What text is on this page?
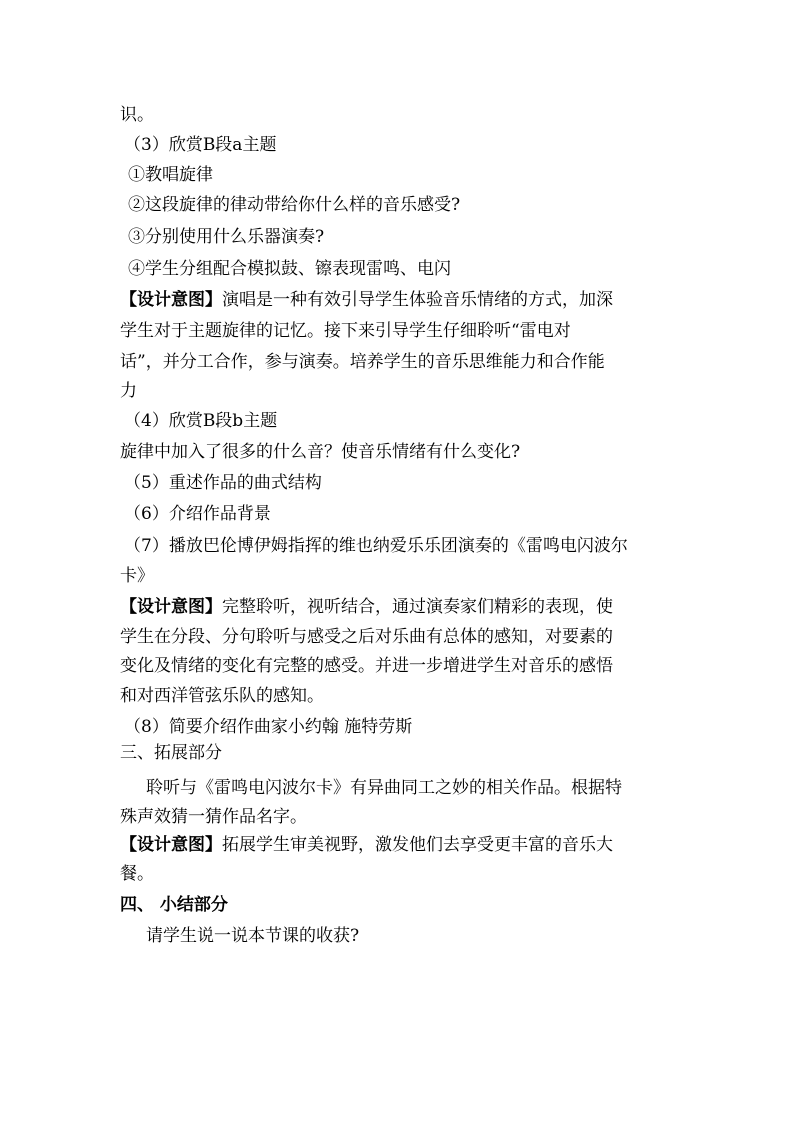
识。
（3）欣赏B段a主题
①教唱旋律
②这段旋律的律动带给你什么样的音乐感受?
③分别使用什么乐器演奏?
④学生分组配合模拟鼓、镲表现雷鸣、电闪
【设计意图】演唱是一种有效引导学生体验音乐情绪的方式，加深
学生对于主题旋律的记忆。接下来引导学生仔细聆听“雷电对
话”，并分工合作，参与演奏。培养学生的音乐思维能力和合作能
力
（4）欣赏B段b主题
旋律中加入了很多的什么音？使音乐情绪有什么变化?
（5）重述作品的曲式结构
（6）介绍作品背景
（7）播放巴伦博伊姆指挥的维也纳爱乐乐团演奏的《雷鸣电闪波尔
卡》
【设计意图】完整聆听，视听结合，通过演奏家们精彩的表现，使
学生在分段、分句聆听与感受之后对乐曲有总体的感知，对要素的
变化及情绪的变化有完整的感受。并进一步增进学生对音乐的感悟
和对西洋管弦乐队的感知。
（8）简要介绍作曲家小约翰 施特劳斯
三、拓展部分
聆听与《雷鸣电闪波尔卡》有异曲同工之妙的相关作品。根据特
殊声效猜一猜作品名字。
【设计意图】拓展学生审美视野，激发他们去享受更丰富的音乐大
餐。
四、 小结部分
请学生说一说本节课的收获?
